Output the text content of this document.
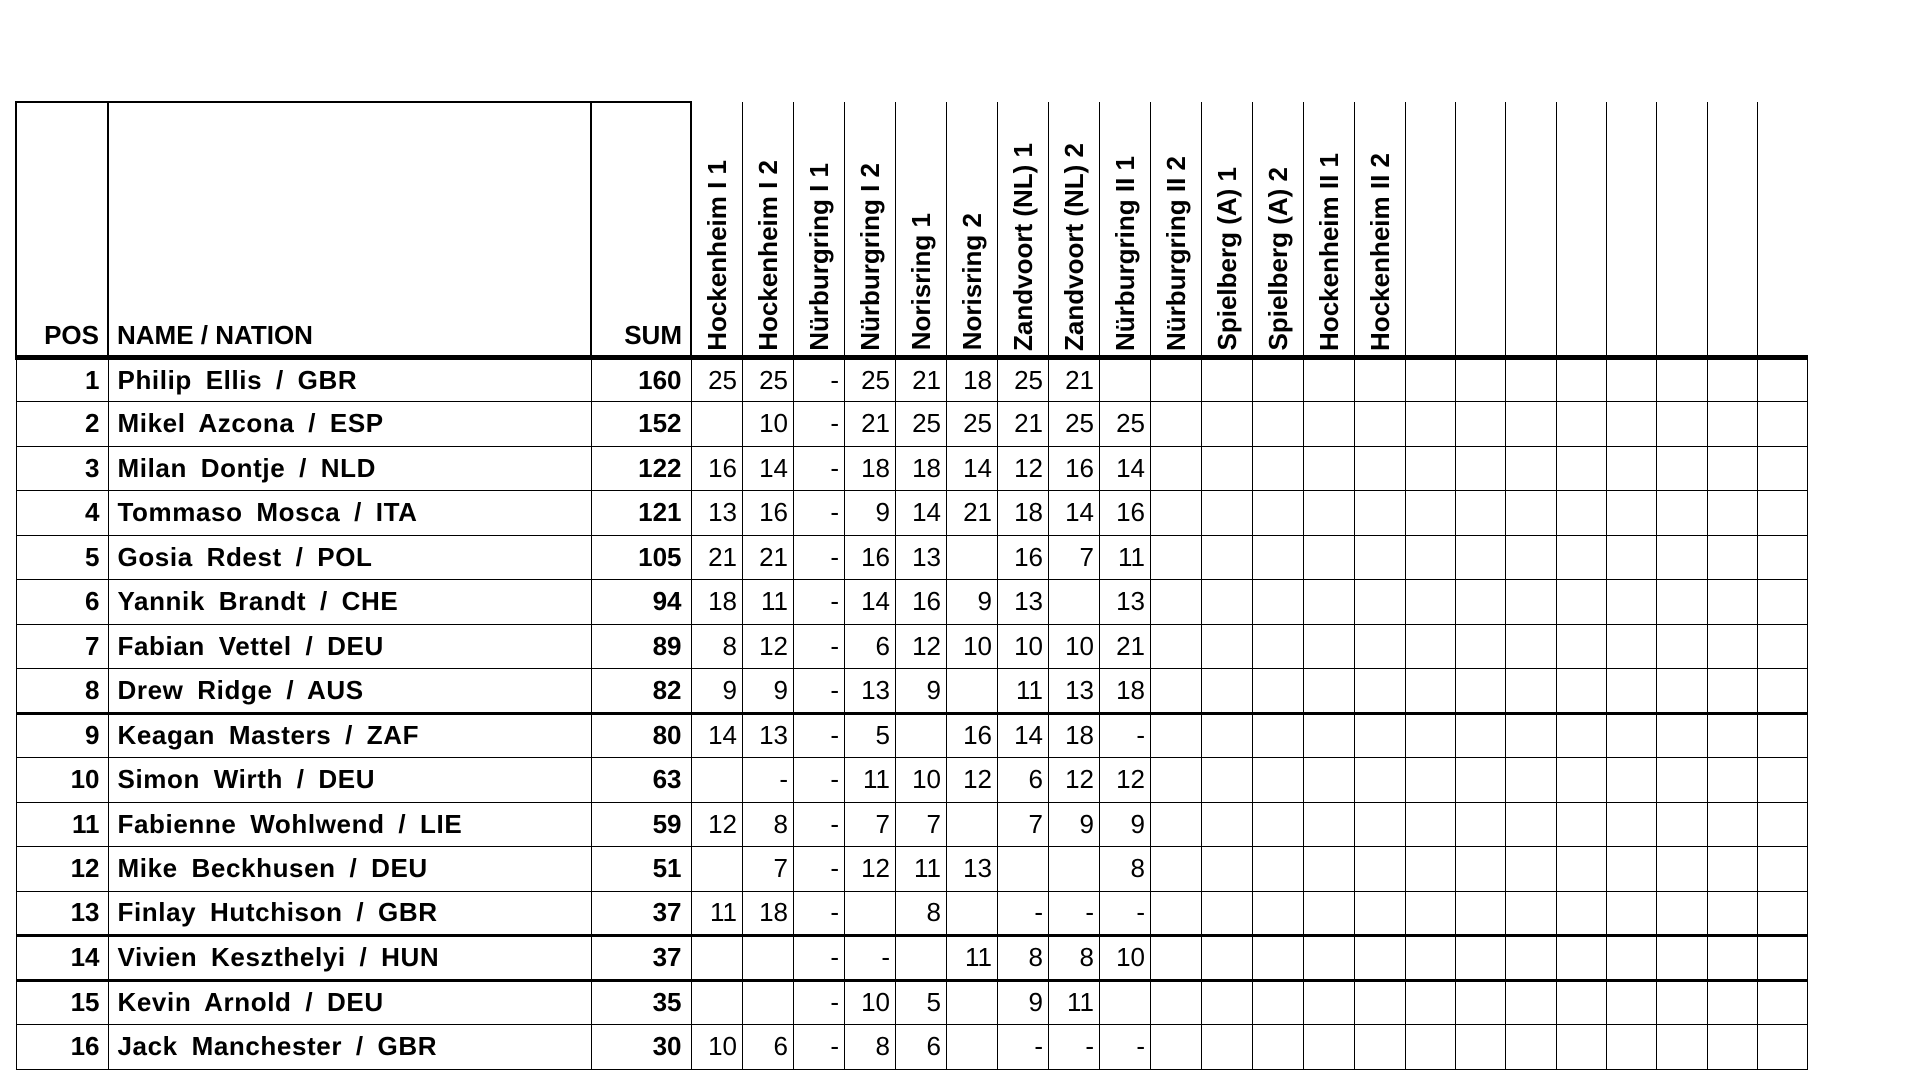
POS	NAME / NATION	SUM	Hockenheim I 1	Hockenheim I 2	Nürburgring I 1	Nürburgring I 2	Norisring 1	Norisring 2	Zandvoort (NL) 1	Zandvoort (NL) 2	Nürburgring II 1	Nürburgring II 2	Spielberg (A) 1	Spielberg (A) 2	Hockenheim II 1	Hockenheim II 2								

1	Philip Ellis / GBR	160	25	25	-	25	21	18	25	21														
2	Mikel Azcona / ESP	152		10	-	21	25	25	21	25	25													
3	Milan Dontje / NLD	122	16	14	-	18	18	14	12	16	14													
4	Tommaso Mosca / ITA	121	13	16	-	9	14	21	18	14	16													
5	Gosia Rdest / POL	105	21	21	-	16	13		16	7	11													
6	Yannik Brandt / CHE	94	18	11	-	14	16	9	13		13													
7	Fabian Vettel / DEU	89	8	12	-	6	12	10	10	10	21													
8	Drew Ridge / AUS	82	9	9	-	13	9		11	13	18													
9	Keagan Masters / ZAF	80	14	13	-	5		16	14	18	-													
10	Simon Wirth / DEU	63		-	-	11	10	12	6	12	12													
11	Fabienne Wohlwend / LIE	59	12	8	-	7	7		7	9	9													
12	Mike Beckhusen / DEU	51		7	-	12	11	13			8													
13	Finlay Hutchison / GBR	37	11	18	-		8		-	-	-													
14	Vivien Keszthelyi / HUN	37			-	-		11	8	8	10													
15	Kevin Arnold / DEU	35			-	10	5		9	11														
16	Jack Manchester / GBR	30	10	6	-	8	6		-	-	-													
